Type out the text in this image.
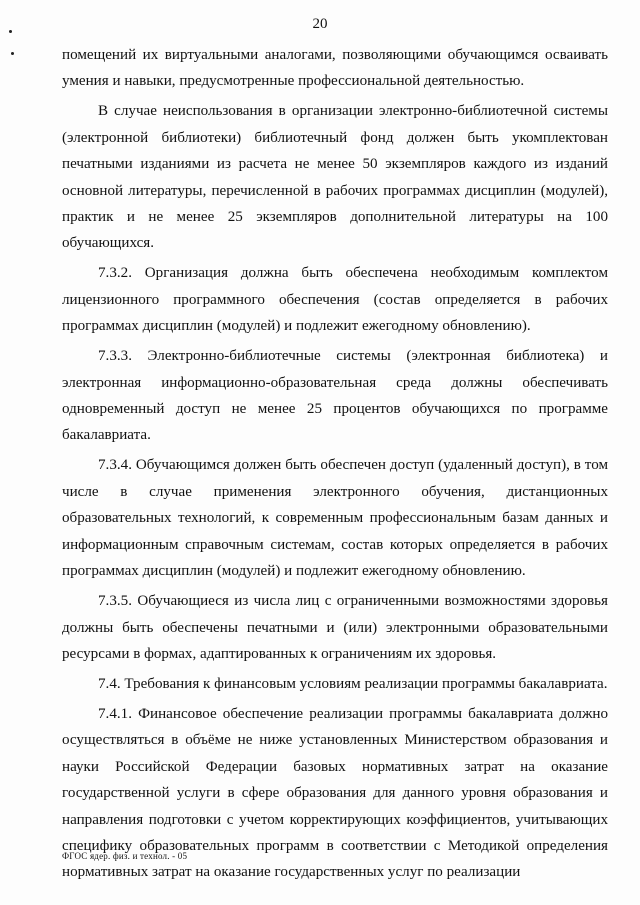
20

помещений их виртуальными аналогами, позволяющими обучающимся осваивать умения и навыки, предусмотренные профессиональной деятельностью.

В случае неиспользования в организации электронно-библиотечной системы (электронной библиотеки) библиотечный фонд должен быть укомплектован печатными изданиями из расчета не менее 50 экземпляров каждого из изданий основной литературы, перечисленной в рабочих программах дисциплин (модулей), практик и не менее 25 экземпляров дополнительной литературы на 100 обучающихся.

7.3.2. Организация должна быть обеспечена необходимым комплектом лицензионного программного обеспечения (состав определяется в рабочих программах дисциплин (модулей) и подлежит ежегодному обновлению).

7.3.3. Электронно-библиотечные системы (электронная библиотека) и электронная информационно-образовательная среда должны обеспечивать одновременный доступ не менее 25 процентов обучающихся по программе бакалавриата.

7.3.4. Обучающимся должен быть обеспечен доступ (удаленный доступ), в том числе в случае применения электронного обучения, дистанционных образовательных технологий, к современным профессиональным базам данных и информационным справочным системам, состав которых определяется в рабочих программах дисциплин (модулей) и подлежит ежегодному обновлению.

7.3.5. Обучающиеся из числа лиц с ограниченными возможностями здоровья должны быть обеспечены печатными и (или) электронными образовательными ресурсами в формах, адаптированных к ограничениям их здоровья.

7.4. Требования к финансовым условиям реализации программы бакалавриата.

7.4.1. Финансовое обеспечение реализации программы бакалавриата должно осуществляться в объёме не ниже установленных Министерством образования и науки Российской Федерации базовых нормативных затрат на оказание государственной услуги в сфере образования для данного уровня образования и направления подготовки с учетом корректирующих коэффициентов, учитывающих специфику образовательных программ в соответствии с Методикой определения нормативных затрат на оказание государственных услуг по реализации

ФГОС ядер. физ. и технол. - 05
